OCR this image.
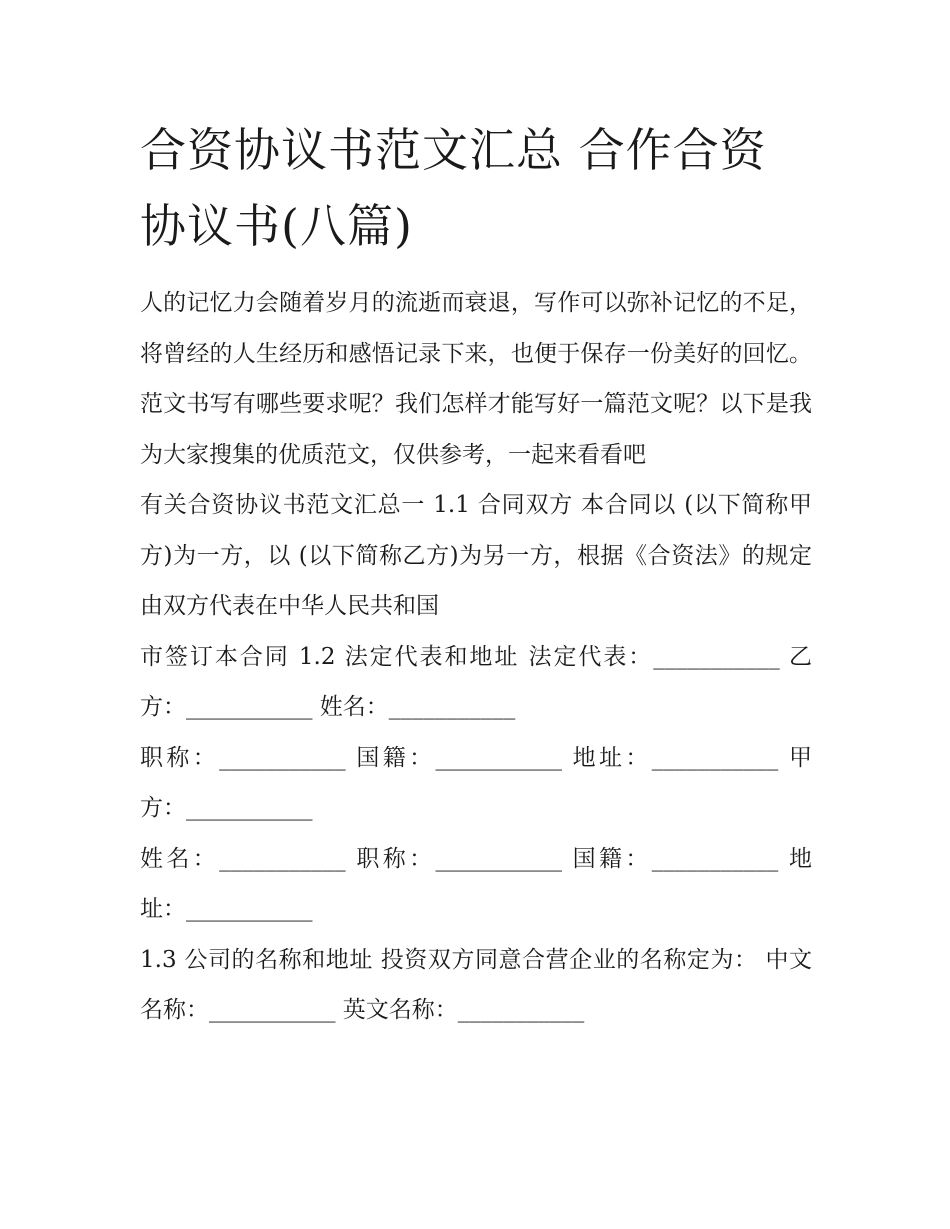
合资协议书范文汇总 合作合资协议书(八篇)

人的记忆力会随着岁月的流逝而衰退，写作可以弥补记忆的不足，将曾经的人生经历和感悟记录下来，也便于保存一份美好的回忆。范文书写有哪些要求呢？我们怎样才能写好一篇范文呢？以下是我为大家搜集的优质范文，仅供参考，一起来看看吧

有关合资协议书范文汇总一 1.1 合同双方 本合同以 (以下简称甲方)为一方，以 (以下简称乙方)为另一方，根据《合资法》的规定由双方代表在中华人民共和国

市签订本合同 1.2 法定代表和地址 法定代表：___________ 乙方：___________ 姓名：___________

职称：___________ 国籍：___________ 地址：___________ 甲方：___________

姓名：___________ 职称：___________ 国籍：___________ 地址：___________

1.3 公司的名称和地址 投资双方同意合营企业的名称定为： 中文名称：___________ 英文名称：___________
